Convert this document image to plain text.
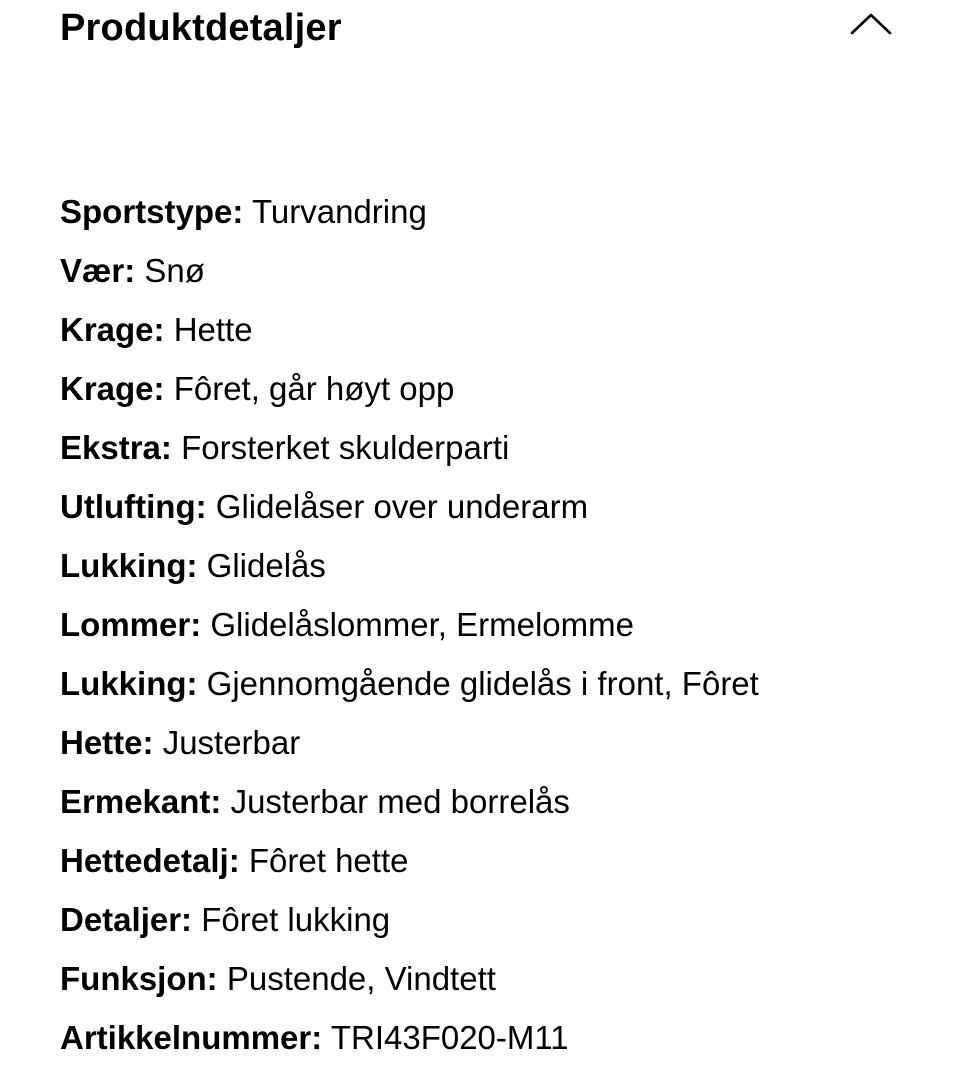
Produktdetaljer
Sportstype: Turvandring
Vær: Snø
Krage: Hette
Krage: Fôret, går høyt opp
Ekstra: Forsterket skulderparti
Utlufting: Glidelåser over underarm
Lukking: Glidelås
Lommer: Glidelåslommer, Ermelomme
Lukking: Gjennomgående glidelås i front, Fôret
Hette: Justerbar
Ermekant: Justerbar med borrelås
Hettedetalj: Fôret hette
Detaljer: Fôret lukking
Funksjon: Pustende, Vindtett
Artikkelnummer: TRI43F020-M11
